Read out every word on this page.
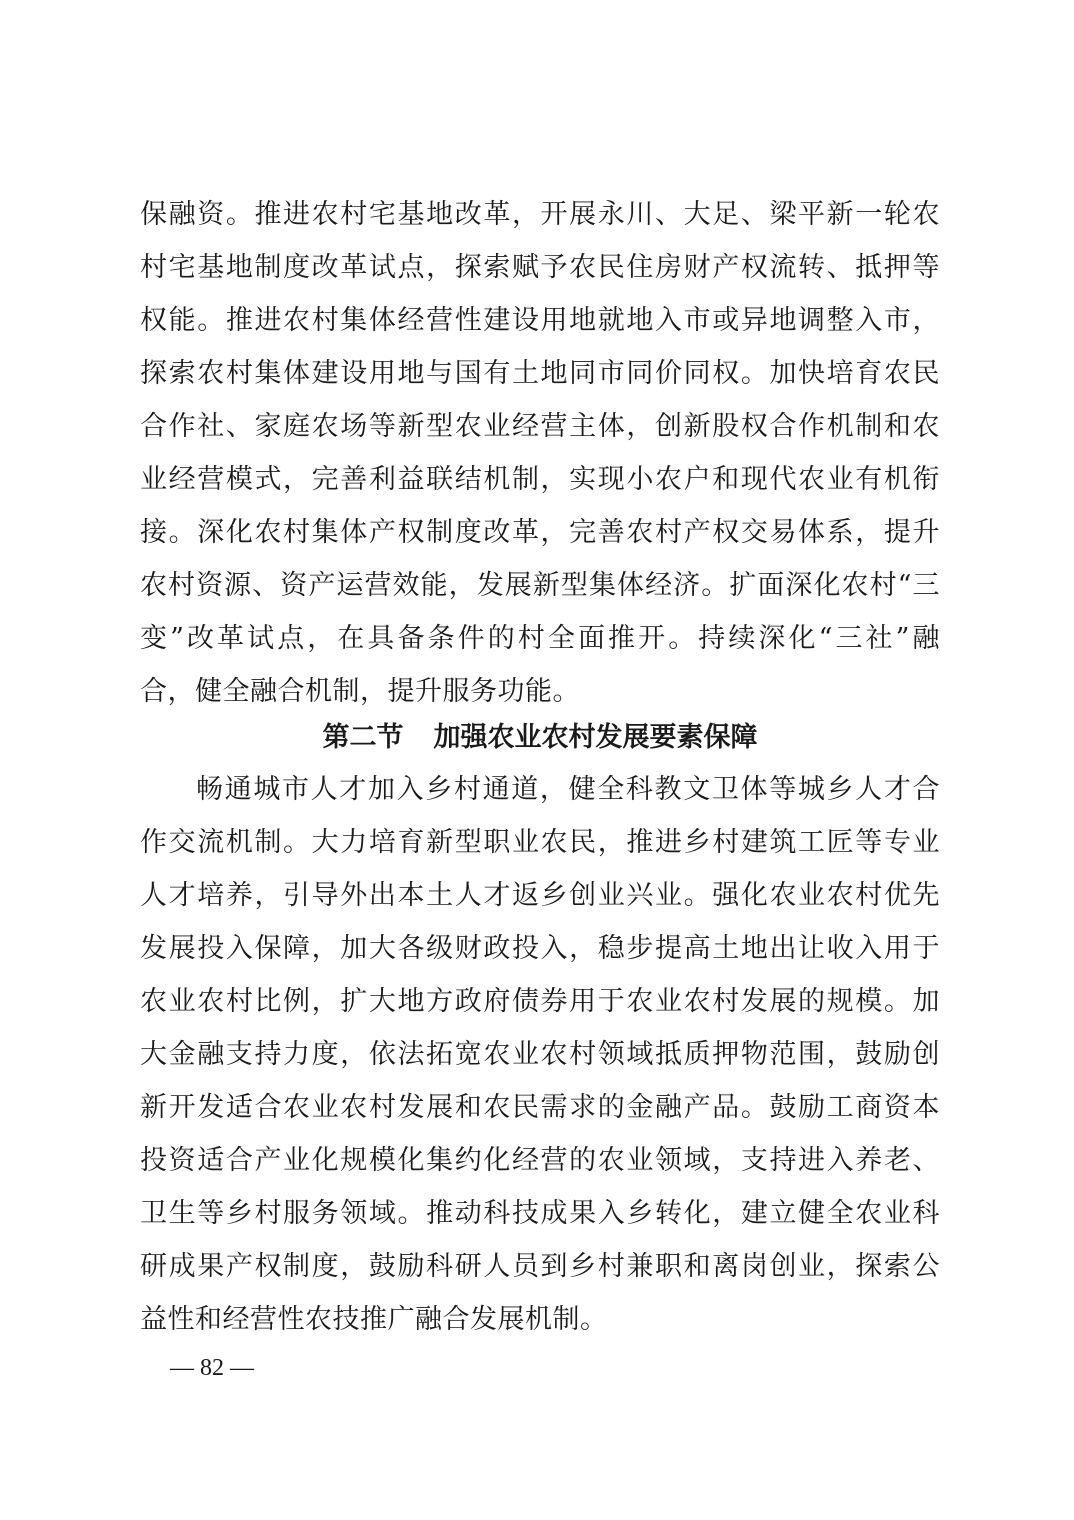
保融资。推进农村宅基地改革，开展永川、大足、梁平新一轮农
村宅基地制度改革试点，探索赋予农民住房财产权流转、抵押等
权能。推进农村集体经营性建设用地就地入市或异地调整入市，
探索农村集体建设用地与国有土地同市同价同权。加快培育农民
合作社、家庭农场等新型农业经营主体，创新股权合作机制和农
业经营模式，完善利益联结机制，实现小农户和现代农业有机衔
接。深化农村集体产权制度改革，完善农村产权交易体系，提升
农村资源、资产运营效能，发展新型集体经济。扩面深化农村“三
变”改革试点，在具备条件的村全面推开。持续深化“三社”融
合，健全融合机制，提升服务功能。
第二节 加强农业农村发展要素保障
畅通城市人才加入乡村通道，健全科教文卫体等城乡人才合
作交流机制。大力培育新型职业农民，推进乡村建筑工匠等专业
人才培养，引导外出本土人才返乡创业兴业。强化农业农村优先
发展投入保障，加大各级财政投入，稳步提高土地出让收入用于
农业农村比例，扩大地方政府债券用于农业农村发展的规模。加
大金融支持力度，依法拓宽农业农村领域抵质押物范围，鼓励创
新开发适合农业农村发展和农民需求的金融产品。鼓励工商资本
投资适合产业化规模化集约化经营的农业领域，支持进入养老、
卫生等乡村服务领域。推动科技成果入乡转化，建立健全农业科
研成果产权制度，鼓励科研人员到乡村兼职和离岗创业，探索公
益性和经营性农技推广融合发展机制。
— 82 —
